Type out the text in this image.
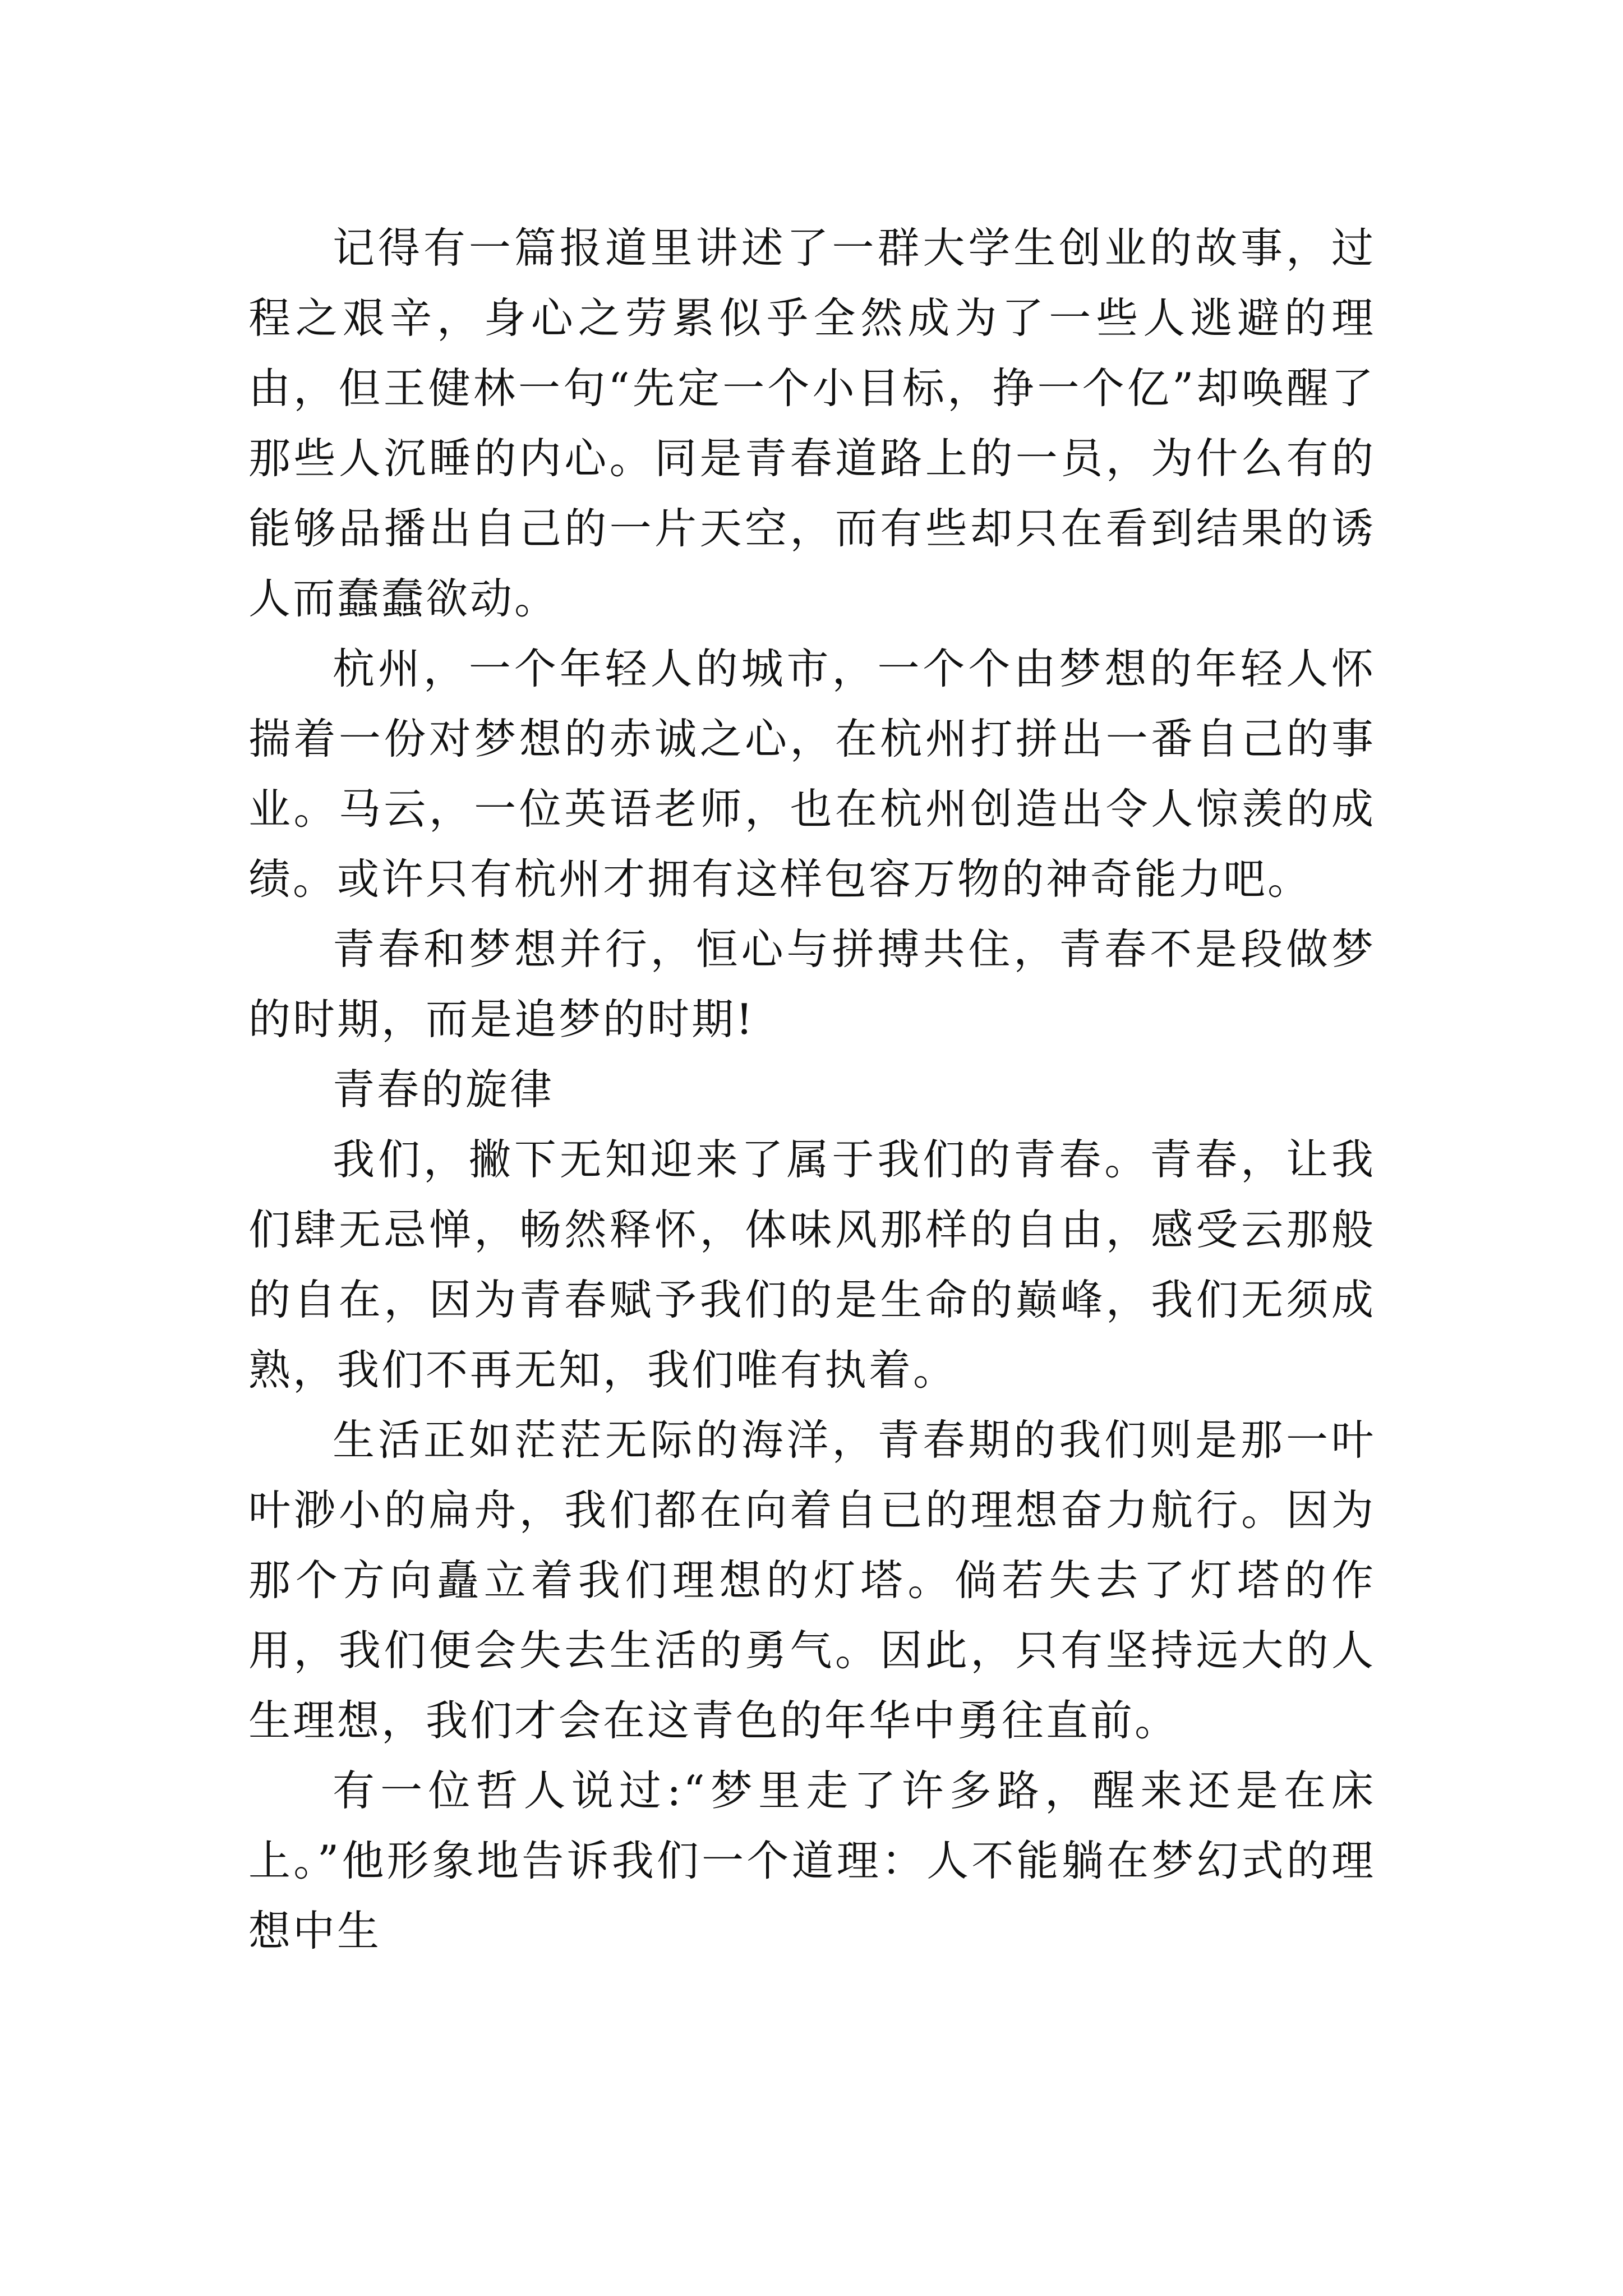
记得有一篇报道里讲述了一群大学生创业的故事，过程之艰辛，身心之劳累似乎全然成为了一些人逃避的理由，但王健林一句“先定一个小目标，挣一个亿”却唤醒了那些人沉睡的内心。同是青春道路上的一员，为什么有的能够品播出自己的一片天空，而有些却只在看到结果的诱人而蠢蠢欲动。

杭州，一个年轻人的城市，一个个由梦想的年轻人怀揣着一份对梦想的赤诚之心，在杭州打拼出一番自己的事业。马云，一位英语老师，也在杭州创造出令人惊羡的成绩。或许只有杭州才拥有这样包容万物的神奇能力吧。

青春和梦想并行，恒心与拼搏共住，青春不是段做梦的时期，而是追梦的时期!

青春的旋律

我们，撇下无知迎来了属于我们的青春。青春，让我们肆无忌惮，畅然释怀，体味风那样的自由，感受云那般的自在，因为青春赋予我们的是生命的巅峰，我们无须成熟，我们不再无知，我们唯有执着。

生活正如茫茫无际的海洋，青春期的我们则是那一叶叶渺小的扁舟，我们都在向着自已的理想奋力航行。因为那个方向矗立着我们理想的灯塔。倘若失去了灯塔的作用，我们便会失去生活的勇气。因此，只有坚持远大的人生理想，我们才会在这青色的年华中勇往直前。

有一位哲人说过:“梦里走了许多路，醒来还是在床上。”他形象地告诉我们一个道理：人不能躺在梦幻式的理想中生
